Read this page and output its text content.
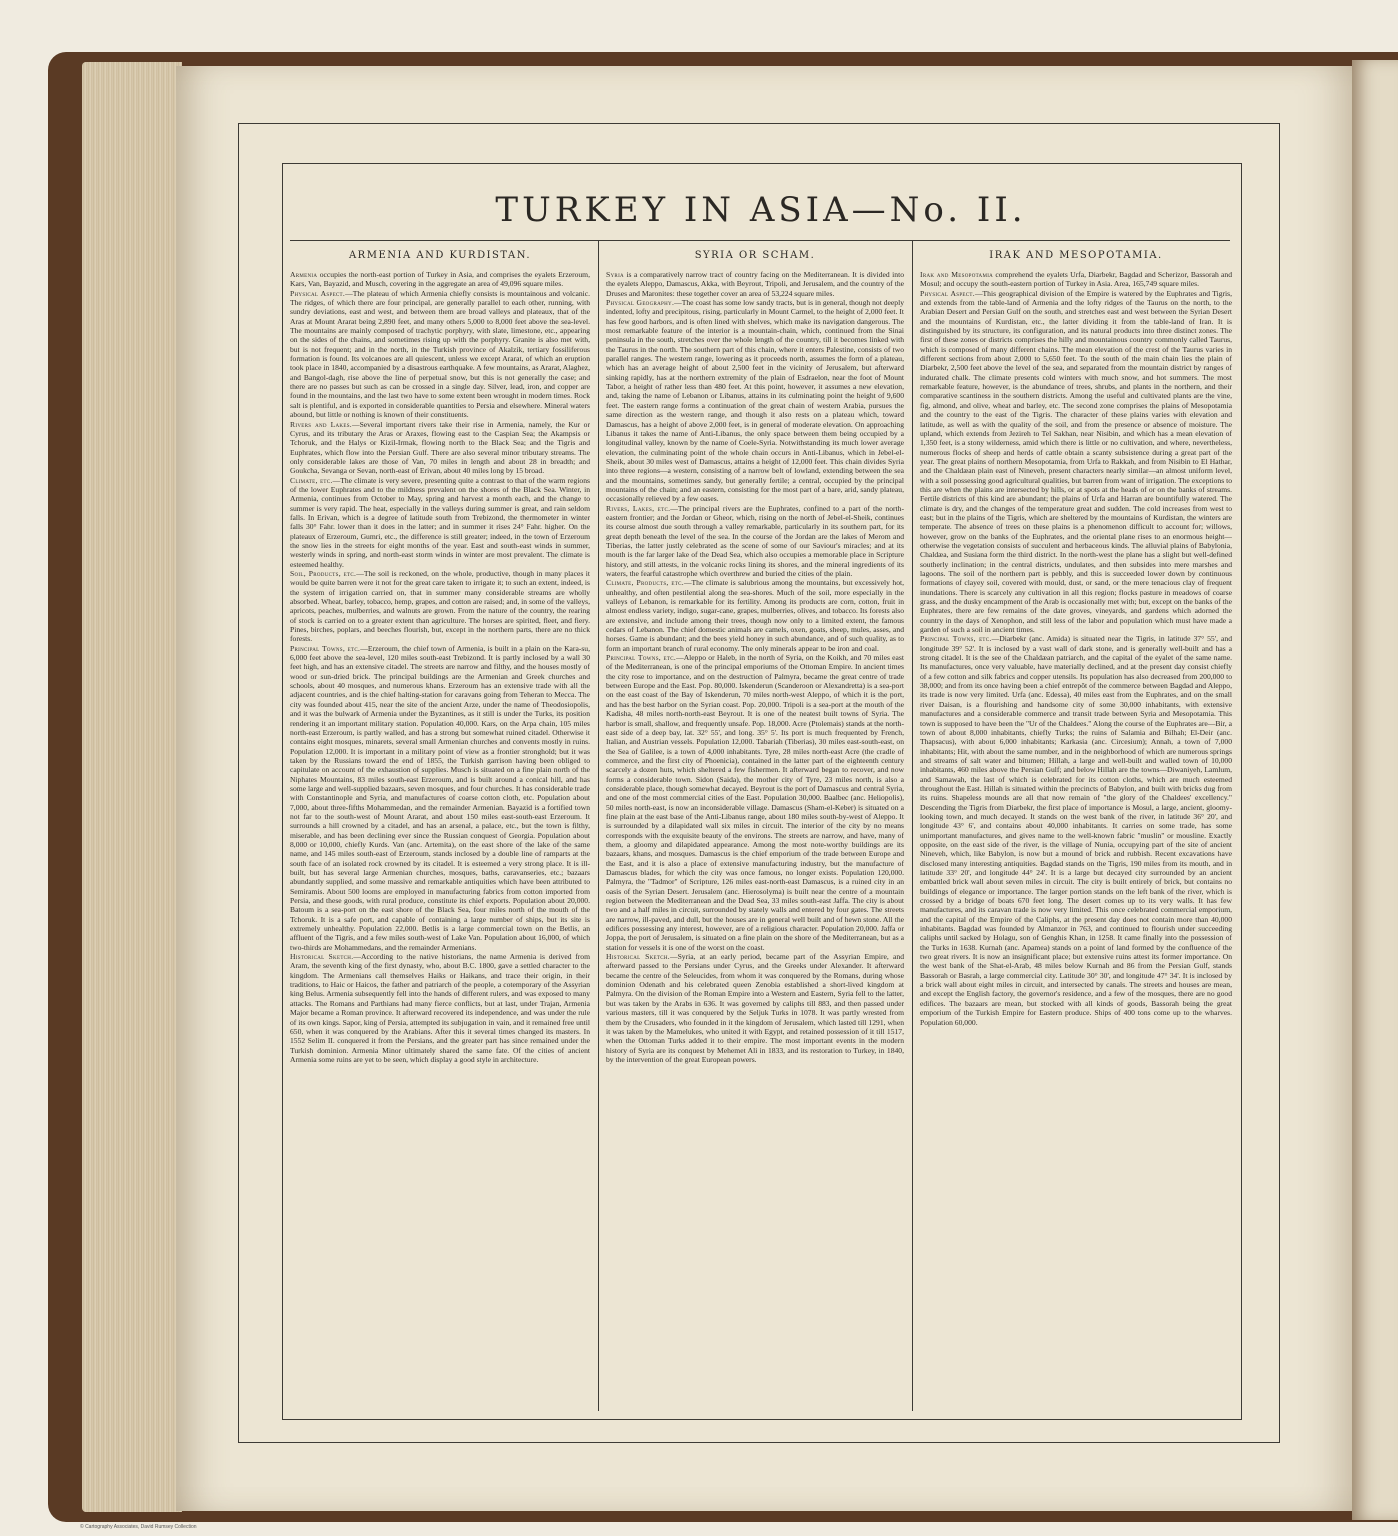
TURKEY IN ASIA—No. II.
ARMENIA AND KURDISTAN.

Armenia occupies the north-east portion of Turkey in Asia, and comprises the eyalets Erzeroum, Kars, Van, Bayazid, and Musch, covering in the aggregate an area of 49,096 square miles.

Physical Aspect.—The plateau of which Armenia chiefly consists is mountainous and volcanic. The ridges, of which there are four principal, are generally parallel to each other, running, with sundry deviations, east and west, and between them are broad valleys and plateaux, that of the Aras at Mount Ararat being 2,890 feet, and many others 5,000 to 8,000 feet above the sea-level. The mountains are mainly composed of trachytic porphyry, with slate, limestone, etc., appearing on the sides of the chains, and sometimes rising up with the porphyry. Granite is also met with, but is not frequent; and in the north, in the Turkish province of Akalzik, tertiary fossiliferous formation is found. Its volcanoes are all quiescent, unless we except Ararat, of which an eruption took place in 1840, accompanied by a disastrous earthquake. A few mountains, as Ararat, Alaghez, and Bangol-dagh, rise above the line of perpetual snow, but this is not generally the case; and there are no passes but such as can be crossed in a single day. Silver, lead, iron, and copper are found in the mountains, and the last two have to some extent been wrought in modern times. Rock salt is plentiful, and is exported in considerable quantities to Persia and elsewhere. Mineral waters abound, but little or nothing is known of their constituents.

Rivers and Lakes.—Several important rivers take their rise in Armenia, namely, the Kur or Cyrus, and its tributary the Aras or Araxes, flowing east to the Caspian Sea; the Akampsis or Tchoruk, and the Halys or Kizil-Irmak, flowing north to the Black Sea; and the Tigris and Euphrates, which flow into the Persian Gulf. There are also several minor tributary streams. The only considerable lakes are those of Van, 70 miles in length and about 28 in breadth; and Goukcha, Sevanga or Sevan, north-east of Erivan, about 40 miles long by 15 broad.

Climate, etc.—The climate is very severe, presenting quite a contrast to that of the warm regions of the lower Euphrates and to the mildness prevalent on the shores of the Black Sea. Winter, in Armenia, continues from October to May, spring and harvest a month each, and the change to summer is very rapid. The heat, especially in the valleys during summer is great, and rain seldom falls. In Erivan, which is a degree of latitude south from Trebizond, the thermometer in winter falls 30° Fahr. lower than it does in the latter; and in summer it rises 24° Fahr. higher. On the plateaux of Erzeroum, Gumri, etc., the difference is still greater; indeed, in the town of Erzeroum the snow lies in the streets for eight months of the year. East and south-east winds in summer, westerly winds in spring, and north-east storm winds in winter are most prevalent. The climate is esteemed healthy.

Soil, Products, etc.—The soil is reckoned, on the whole, productive, though in many places it would be quite barren were it not for the great care taken to irrigate it; to such an extent, indeed, is the system of irrigation carried on, that in summer many considerable streams are wholly absorbed. Wheat, barley, tobacco, hemp, grapes, and cotton are raised; and, in some of the valleys, apricots, peaches, mulberries, and walnuts are grown. From the nature of the country, the rearing of stock is carried on to a greater extent than agriculture. The horses are spirited, fleet, and fiery. Pines, birches, poplars, and beeches flourish, but, except in the northern parts, there are no thick forests.

Principal Towns, etc.—Erzeroum, the chief town of Armenia, is built in a plain on the Kara-su, 6,000 feet above the sea-level, 120 miles south-east Trebizond. It is partly inclosed by a wall 30 feet high, and has an extensive citadel. The streets are narrow and filthy, and the houses mostly of wood or sun-dried brick. The principal buildings are the Armenian and Greek churches and schools, about 40 mosques, and numerous khans. Erzeroum has an extensive trade with all the adjacent countries, and is the chief halting-station for caravans going from Teheran to Mecca. The city was founded about 415, near the site of the ancient Arze, under the name of Theodosiopolis, and it was the bulwark of Armenia under the Byzantines, as it still is under the Turks, its position rendering it an important military station. Population 40,000. Kars, on the Arpa chain, 105 miles north-east Erzeroum, is partly walled, and has a strong but somewhat ruined citadel. Otherwise it contains eight mosques, minarets, several small Armenian churches and convents mostly in ruins. Population 12,000. It is important in a military point of view as a frontier stronghold; but it was taken by the Russians toward the end of 1855, the Turkish garrison having been obliged to capitulate on account of the exhaustion of supplies. Musch is situated on a fine plain north of the Niphates Mountains, 83 miles south-east Erzeroum, and is built around a conical hill, and has some large and well-supplied bazaars, seven mosques, and four churches. It has considerable trade with Constantinople and Syria, and manufactures of coarse cotton cloth, etc. Population about 7,000, about three-fifths Mohammedan, and the remainder Armenian. Bayazid is a fortified town not far to the south-west of Mount Ararat, and about 150 miles east-south-east Erzeroum. It surrounds a hill crowned by a citadel, and has an arsenal, a palace, etc., but the town is filthy, miserable, and has been declining ever since the Russian conquest of Georgia. Population about 8,000 or 10,000, chiefly Kurds. Van (anc. Artemita), on the east shore of the lake of the same name, and 145 miles south-east of Erzeroum, stands inclosed by a double line of ramparts at the south face of an isolated rock crowned by its citadel. It is esteemed a very strong place. It is ill-built, but has several large Armenian churches, mosques, baths, caravanseries, etc.; bazaars abundantly supplied, and some massive and remarkable antiquities which have been attributed to Semiramis. About 500 looms are employed in manufacturing fabrics from cotton imported from Persia, and these goods, with rural produce, constitute its chief exports. Population about 20,000. Batoum is a sea-port on the east shore of the Black Sea, four miles north of the mouth of the Tchoruk. It is a safe port, and capable of containing a large number of ships, but its site is extremely unhealthy. Population 22,000. Betlis is a large commercial town on the Betlis, an affluent of the Tigris, and a few miles south-west of Lake Van. Population about 16,000, of which two-thirds are Mohammedans, and the remainder Armenians.

Historical Sketch.—According to the native historians, the name Armenia is derived from Aram, the seventh king of the first dynasty, who, about B.C. 1800, gave a settled character to the kingdom. The Armenians call themselves Haiks or Haikans, and trace their origin, in their traditions, to Haic or Haicos, the father and patriarch of the people, a cotemporary of the Assyrian king Belus. Armenia subsequently fell into the hands of different rulers, and was exposed to many attacks. The Romans and Parthians had many fierce conflicts, but at last, under Trajan, Armenia Major became a Roman province. It afterward recovered its independence, and was under the rule of its own kings. Sapor, king of Persia, attempted its subjugation in vain, and it remained free until 650, when it was conquered by the Arabians. After this it several times changed its masters. In 1552 Selim II. conquered it from the Persians, and the greater part has since remained under the Turkish dominion. Armenia Minor ultimately shared the same fate. Of the cities of ancient Armenia some ruins are yet to be seen, which display a good style in architecture.

SYRIA OR SCHAM.

Syria is a comparatively narrow tract of country facing on the Mediterranean. It is divided into the eyalets Aleppo, Damascus, Akka, with Beyrout, Tripoli, and Jerusalem, and the country of the Druses and Maronites: these together cover an area of 53,224 square miles.

Physical Geography.—The coast has some low sandy tracts, but is in general, though not deeply indented, lofty and precipitous, rising, particularly in Mount Carmel, to the height of 2,000 feet. It has few good harbors, and is often lined with shelves, which make its navigation dangerous. The most remarkable feature of the interior is a mountain-chain, which, continued from the Sinai peninsula in the south, stretches over the whole length of the country, till it becomes linked with the Taurus in the north. The southern part of this chain, where it enters Palestine, consists of two parallel ranges. The western range, lowering as it proceeds north, assumes the form of a plateau, which has an average height of about 2,500 feet in the vicinity of Jerusalem, but afterward sinking rapidly, has at the northern extremity of the plain of Esdraelon, near the foot of Mount Tabor, a height of rather less than 480 feet. At this point, however, it assumes a new elevation, and, taking the name of Lebanon or Libanus, attains in its culminating point the height of 9,600 feet. The eastern range forms a continuation of the great chain of western Arabia, pursues the same direction as the western range, and though it also rests on a plateau which, toward Damascus, has a height of above 2,000 feet, is in general of moderate elevation. On approaching Libanus it takes the name of Anti-Libanus, the only space between them being occupied by a longitudinal valley, known by the name of Coele-Syria. Notwithstanding its much lower average elevation, the culminating point of the whole chain occurs in Anti-Libanus, which in Jebel-el-Sheik, about 30 miles west of Damascus, attains a height of 12,000 feet. This chain divides Syria into three regions—a western, consisting of a narrow belt of lowland, extending between the sea and the mountains, sometimes sandy, but generally fertile; a central, occupied by the principal mountains of the chain; and an eastern, consisting for the most part of a bare, arid, sandy plateau, occasionally relieved by a few oases.

Rivers, Lakes, etc.—The principal rivers are the Euphrates, confined to a part of the north-eastern frontier; and the Jordan or Gheor, which, rising on the north of Jebel-el-Sheik, continues its course almost due south through a valley remarkable, particularly in its southern part, for its great depth beneath the level of the sea. In the course of the Jordan are the lakes of Merom and Tiberias, the latter justly celebrated as the scene of some of our Saviour's miracles; and at its mouth is the far larger lake of the Dead Sea, which also occupies a memorable place in Scripture history, and still attests, in the volcanic rocks lining its shores, and the mineral ingredients of its waters, the fearful catastrophe which overthrew and buried the cities of the plain.

Climate, Products, etc.—The climate is salubrious among the mountains, but excessively hot, unhealthy, and often pestilential along the sea-shores. Much of the soil, more especially in the valleys of Lebanon, is remarkable for its fertility. Among its products are corn, cotton, fruit in almost endless variety, indigo, sugar-cane, grapes, mulberries, olives, and tobacco. Its forests also are extensive, and include among their trees, though now only to a limited extent, the famous cedars of Lebanon. The chief domestic animals are camels, oxen, goats, sheep, mules, asses, and horses. Game is abundant; and the bees yield honey in such abundance, and of such quality, as to form an important branch of rural economy. The only minerals appear to be iron and coal.

Principal Towns, etc.—Aleppo or Haleb, in the north of Syria, on the Koikh, and 70 miles east of the Mediterranean, is one of the principal emporiums of the Ottoman Empire. In ancient times the city rose to importance, and on the destruction of Palmyra, became the great centre of trade between Europe and the East. Pop. 80,000. Iskenderun (Scanderoon or Alexandretta) is a sea-port on the east coast of the Bay of Iskenderun, 70 miles north-west Aleppo, of which it is the port, and has the best harbor on the Syrian coast. Pop. 20,000. Tripoli is a sea-port at the mouth of the Kadisha, 48 miles north-north-east Beyrout. It is one of the neatest built towns of Syria. The harbor is small, shallow, and frequently unsafe. Pop. 18,000. Acre (Ptolemais) stands at the north-east side of a deep bay, lat. 32° 55', and long. 35° 5'. Its port is much frequented by French, Italian, and Austrian vessels. Population 12,000. Tabariah (Tiberias), 30 miles east-south-east, on the Sea of Galilee, is a town of 4,000 inhabitants. Tyre, 28 miles north-east Acre (the cradle of commerce, and the first city of Phoenicia), contained in the latter part of the eighteenth century scarcely a dozen huts, which sheltered a few fishermen. It afterward began to recover, and now forms a considerable town. Sidon (Saida), the mother city of Tyre, 23 miles north, is also a considerable place, though somewhat decayed. Beyrout is the port of Damascus and central Syria, and one of the most commercial cities of the East. Population 30,000. Baalbec (anc. Heliopolis), 50 miles north-east, is now an inconsiderable village. Damascus (Sham-el-Keber) is situated on a fine plain at the east base of the Anti-Libanus range, about 180 miles south-by-west of Aleppo. It is surrounded by a dilapidated wall six miles in circuit. The interior of the city by no means corresponds with the exquisite beauty of the environs. The streets are narrow, and have, many of them, a gloomy and dilapidated appearance. Among the most note-worthy buildings are its bazaars, khans, and mosques. Damascus is the chief emporium of the trade between Europe and the East, and it is also a place of extensive manufacturing industry, but the manufacture of Damascus blades, for which the city was once famous, no longer exists. Population 120,000. Palmyra, the "Tadmor" of Scripture, 126 miles east-north-east Damascus, is a ruined city in an oasis of the Syrian Desert. Jerusalem (anc. Hierosolyma) is built near the centre of a mountain region between the Mediterranean and the Dead Sea, 33 miles south-east Jaffa. The city is about two and a half miles in circuit, surrounded by stately walls and entered by four gates. The streets are narrow, ill-paved, and dull, but the houses are in general well built and of hewn stone. All the edifices possessing any interest, however, are of a religious character. Population 20,000. Jaffa or Joppa, the port of Jerusalem, is situated on a fine plain on the shore of the Mediterranean, but as a station for vessels it is one of the worst on the coast.

Historical Sketch.—Syria, at an early period, became part of the Assyrian Empire, and afterward passed to the Persians under Cyrus, and the Greeks under Alexander. It afterward became the centre of the Seleucides, from whom it was conquered by the Romans, during whose dominion Odenath and his celebrated queen Zenobia established a short-lived kingdom at Palmyra. On the division of the Roman Empire into a Western and Eastern, Syria fell to the latter, but was taken by the Arabs in 636. It was governed by caliphs till 883, and then passed under various masters, till it was conquered by the Seljuk Turks in 1078. It was partly wrested from them by the Crusaders, who founded in it the kingdom of Jerusalem, which lasted till 1291, when it was taken by the Mamelukes, who united it with Egypt, and retained possession of it till 1517, when the Ottoman Turks added it to their empire. The most important events in the modern history of Syria are its conquest by Mehemet Ali in 1833, and its restoration to Turkey, in 1840, by the intervention of the great European powers.

IRAK AND MESOPOTAMIA.

Irak and Mesopotamia comprehend the eyalets Urfa, Diarbekr, Bagdad and Scherizor, Bassorah and Mosul; and occupy the south-eastern portion of Turkey in Asia. Area, 165,749 square miles.

Physical Aspect.—This geographical division of the Empire is watered by the Euphrates and Tigris, and extends from the table-land of Armenia and the lofty ridges of the Taurus on the north, to the Arabian Desert and Persian Gulf on the south, and stretches east and west between the Syrian Desert and the mountains of Kurdistan, etc., the latter dividing it from the table-land of Iran. It is distinguished by its structure, its configuration, and its natural products into three distinct zones. The first of these zones or districts comprises the hilly and mountainous country commonly called Taurus, which is composed of many different chains. The mean elevation of the crest of the Taurus varies in different sections from about 2,000 to 5,650 feet. To the south of the main chain lies the plain of Diarbekr, 2,500 feet above the level of the sea, and separated from the mountain district by ranges of indurated chalk. The climate presents cold winters with much snow, and hot summers. The most remarkable feature, however, is the abundance of trees, shrubs, and plants in the northern, and their comparative scantiness in the southern districts. Among the useful and cultivated plants are the vine, fig, almond, and olive, wheat and barley, etc. The second zone comprises the plains of Mesopotamia and the country to the east of the Tigris. The character of these plains varies with elevation and latitude, as well as with the quality of the soil, and from the presence or absence of moisture. The upland, which extends from Jezireh to Tel Sakhan, near Nisibin, and which has a mean elevation of 1,350 feet, is a stony wilderness, amid which there is little or no cultivation, and where, nevertheless, numerous flocks of sheep and herds of cattle obtain a scanty subsistence during a great part of the year. The great plains of northern Mesopotamia, from Urfa to Rakkah, and from Nisibin to El Hathar, and the Chaldæan plain east of Nineveh, present characters nearly similar—an almost uniform level, with a soil possessing good agricultural qualities, but barren from want of irrigation. The exceptions to this are when the plains are intersected by hills, or at spots at the heads of or on the banks of streams. Fertile districts of this kind are abundant; the plains of Urfa and Harran are bountifully watered. The climate is dry, and the changes of the temperature great and sudden. The cold increases from west to east; but in the plains of the Tigris, which are sheltered by the mountains of Kurdistan, the winters are temperate. The absence of trees on these plains is a phenomenon difficult to account for; willows, however, grow on the banks of the Euphrates, and the oriental plane rises to an enormous height—otherwise the vegetation consists of succulent and herbaceous kinds. The alluvial plains of Babylonia, Chaldæa, and Susiana form the third district. In the north-west the plane has a slight but well-defined southerly inclination; in the central districts, undulates, and then subsides into mere marshes and lagoons. The soil of the northern part is pebbly, and this is succeeded lower down by continuous formations of clayey soil, covered with mould, dust, or sand, or the mere tenacious clay of frequent inundations. There is scarcely any cultivation in all this region; flocks pasture in meadows of coarse grass, and the dusky encampment of the Arab is occasionally met with; but, except on the banks of the Euphrates, there are few remains of the date groves, vineyards, and gardens which adorned the country in the days of Xenophon, and still less of the labor and population which must have made a garden of such a soil in ancient times.

Principal Towns, etc.—Diarbekr (anc. Amida) is situated near the Tigris, in latitude 37° 55', and longitude 39° 52'. It is inclosed by a vast wall of dark stone, and is generally well-built and has a strong citadel. It is the see of the Chaldæan patriarch, and the capital of the eyalet of the same name. Its manufactures, once very valuable, have materially declined, and at the present day consist chiefly of a few cotton and silk fabrics and copper utensils. Its population has also decreased from 200,000 to 38,000; and from its once having been a chief entrepôt of the commerce between Bagdad and Aleppo, its trade is now very limited. Urfa (anc. Edessa), 40 miles east from the Euphrates, and on the small river Daisan, is a flourishing and handsome city of some 30,000 inhabitants, with extensive manufactures and a considerable commerce and transit trade between Syria and Mesopotamia. This town is supposed to have been the "Ur of the Chaldees." Along the course of the Euphrates are—Bir, a town of about 8,000 inhabitants, chiefly Turks; the ruins of Salamia and Bilhah; El-Deir (anc. Thapsacus), with about 6,000 inhabitants; Karkasia (anc. Circesium); Annah, a town of 7,000 inhabitants; Hit, with about the same number, and in the neighborhood of which are numerous springs and streams of salt water and bitumen; Hillah, a large and well-built and walled town of 10,000 inhabitants, 460 miles above the Persian Gulf; and below Hillah are the towns—Diwaniyeh, Lamlum, and Samawah, the last of which is celebrated for its cotton cloths, which are much esteemed throughout the East. Hillah is situated within the precincts of Babylon, and built with bricks dug from its ruins. Shapeless mounds are all that now remain of "the glory of the Chaldees' excellency." Descending the Tigris from Diarbekr, the first place of importance is Mosul, a large, ancient, gloomy-looking town, and much decayed. It stands on the west bank of the river, in latitude 36° 20', and longitude 43° 6', and contains about 40,000 inhabitants. It carries on some trade, has some unimportant manufactures, and gives name to the well-known fabric "muslin" or mousline. Exactly opposite, on the east side of the river, is the village of Nunia, occupying part of the site of ancient Nineveh, which, like Babylon, is now but a mound of brick and rubbish. Recent excavations have disclosed many interesting antiquities. Bagdad stands on the Tigris, 190 miles from its mouth, and in latitude 33° 20', and longitude 44° 24'. It is a large but decayed city surrounded by an ancient embattled brick wall about seven miles in circuit. The city is built entirely of brick, but contains no buildings of elegance or importance. The larger portion stands on the left bank of the river, which is crossed by a bridge of boats 670 feet long. The desert comes up to its very walls. It has few manufactures, and its caravan trade is now very limited. This once celebrated commercial emporium, and the capital of the Empire of the Caliphs, at the present day does not contain more than 40,000 inhabitants. Bagdad was founded by Almanzor in 763, and continued to flourish under succeeding caliphs until sacked by Holagu, son of Genghis Khan, in 1258. It came finally into the possession of the Turks in 1638. Kurnah (anc. Apamea) stands on a point of land formed by the confluence of the two great rivers. It is now an insignificant place; but extensive ruins attest its former importance. On the west bank of the Shat-el-Arab, 48 miles below Kurnah and 86 from the Persian Gulf, stands Bassorah or Basrah, a large commercial city. Latitude 30° 30', and longitude 47° 34'. It is inclosed by a brick wall about eight miles in circuit, and intersected by canals. The streets and houses are mean, and except the English factory, the governor's residence, and a few of the mosques, there are no good edifices. The bazaars are mean, but stocked with all kinds of goods, Bassorah being the great emporium of the Turkish Empire for Eastern produce. Ships of 400 tons come up to the wharves. Population 60,000.

© Cartography Associates, David Rumsey Collection
